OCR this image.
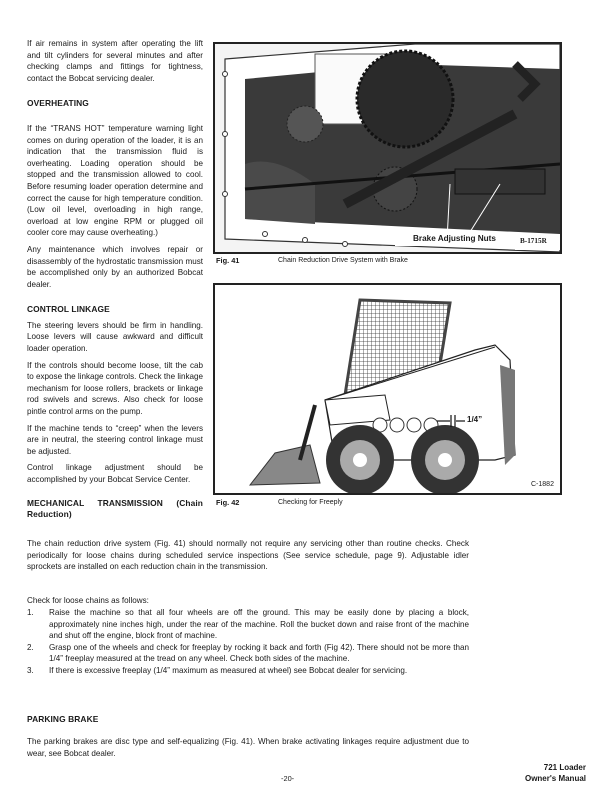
If air remains in system after operating the lift and tilt cylinders for several minutes and after checking clamps and fittings for tightness, contact the Bobcat servicing dealer.

OVERHEATING

If the “TRANS HOT” temperature warning light comes on during operation of the loader, it is an indication that the transmission fluid is overheating. Loading operation should be stopped and the transmission allowed to cool. Before resuming loader operation determine and correct the cause for high temperature condition. (Low oil level, overloading in high range, overload at low engine RPM or plugged oil cooler core may cause overheating.)

Any maintenance which involves repair or disassembly of the hydrostatic transmission must be accomplished only by an authorized Bobcat dealer.

CONTROL LINKAGE

The steering levers should be firm in handling. Loose levers will cause awkward and difficult loader operation.

If the controls should become loose, tilt the cab to expose the linkage controls. Check the linkage mechanism for loose rollers, brackets or linkage rod swivels and screws. Also check for loose pintle control arms on the pump.

If the machine tends to “creep” when the levers are in neutral, the steering control linkage must be adjusted.

Control linkage adjustment should be accomplished by your Bobcat Service Center.

MECHANICAL TRANSMISSION (Chain Reduction)

Brake Adjusting Nuts	B-1715R
Fig. 41	Chain Reduction Drive System with Brake
1/4”
C-1882
Fig. 42	Checking for Freeply

The chain reduction drive system (Fig. 41) should normally not require any servicing other than routine checks. Check periodically for loose chains during scheduled service inspections (See service schedule, page 9). Adjustable idler sprockets are installed on each reduction chain in the transmission.

Check for loose chains as follows:

1.	Raise the machine so that all four wheels are off the ground. This may be easily done by placing a block, approximately nine inches high, under the rear of the machine. Roll the bucket down and raise front of the machine and shut off the engine, block front of machine.
2.	Grasp one of the wheels and check for freeplay by rocking it back and forth (Fig 42). There should not be more than 1/4” freeplay measured at the tread on any wheel. Check both sides of the machine.
3.	If there is excessive freeplay (1/4” maximum as measured at wheel) see Bobcat dealer for servicing.

PARKING BRAKE

The parking brakes are disc type and self-equalizing (Fig. 41). When brake activating linkages require adjustment due to wear, see Bobcat dealer.

-20-
721 Loader
Owner's Manual
